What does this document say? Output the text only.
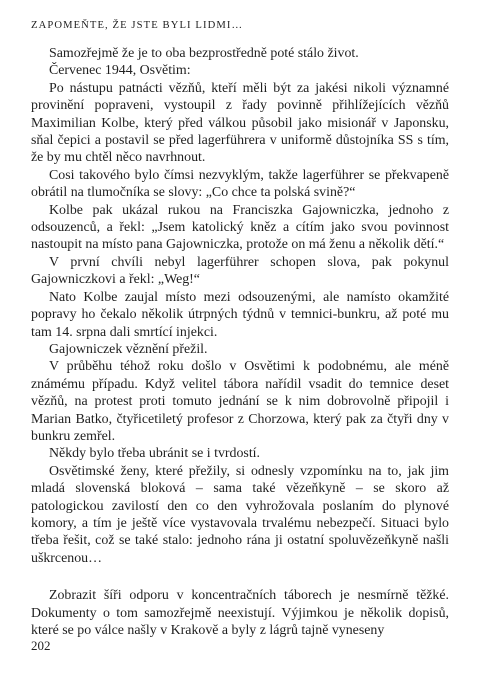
ZAPOMEŇTE, ŽE JSTE BYLI LIDMI…

Samozřejmě že je to oba bezprostředně poté stálo život.

Červenec 1944, Osvětim:

Po nástupu patnácti vězňů, kteří měli být za jakési nikoli významné provinění popraveni, vystoupil z řady povinně přihlížejících vězňů Maximilian Kolbe, který před válkou působil jako misionář v Japonsku, sňal čepici a postavil se před lagerführera v uniformě důstojníka SS s tím, že by mu chtěl něco navrhnout.

Cosi takového bylo čímsi nezvyklým, takže lagerführer se překvapeně obrátil na tlumočníka se slovy: „Co chce ta polská svině?“

Kolbe pak ukázal rukou na Franciszka Gajowniczka, jednoho z odsouzenců, a řekl: „Jsem katolický kněz a cítím jako svou povinnost nastoupit na místo pana Gajowniczka, protože on má ženu a několik dětí.“

V první chvíli nebyl lagerführer schopen slova, pak pokynul Gajowniczkovi a řekl: „Weg!“

Nato Kolbe zaujal místo mezi odsouzenými, ale namísto okamžité popravy ho čekalo několik útrpných týdnů v temnici-bunkru, až poté mu tam 14. srpna dali smrtící injekci.

Gajowniczek věznění přežil.

V průběhu téhož roku došlo v Osvětimi k podobnému, ale méně známému případu. Když velitel tábora nařídil vsadit do temnice deset vězňů, na protest proti tomuto jednání se k nim dobrovolně připojil i Marian Batko, čtyřicetiletý profesor z Chorzowa, který pak za čtyři dny v bunkru zemřel.

Někdy bylo třeba ubránit se i tvrdostí.

Osvětimské ženy, které přežily, si odnesly vzpomínku na to, jak jim mladá slovenská bloková – sama také vězeňkyně – se skoro až patologickou zavilostí den co den vyhrožovala poslaním do plynové komory, a tím je ještě více vystavovala trvalému nebezpečí. Situaci bylo třeba řešit, což se také stalo: jednoho rána ji ostatní spoluvězeňkyně našli uškrcenou…

Zobrazit šíři odporu v koncentračních táborech je nesmírně těžké. Dokumenty o tom samozřejmě neexistují. Výjimkou je několik dopisů, které se po válce našly v Krakově a byly z lágrů tajně vyneseny

202
